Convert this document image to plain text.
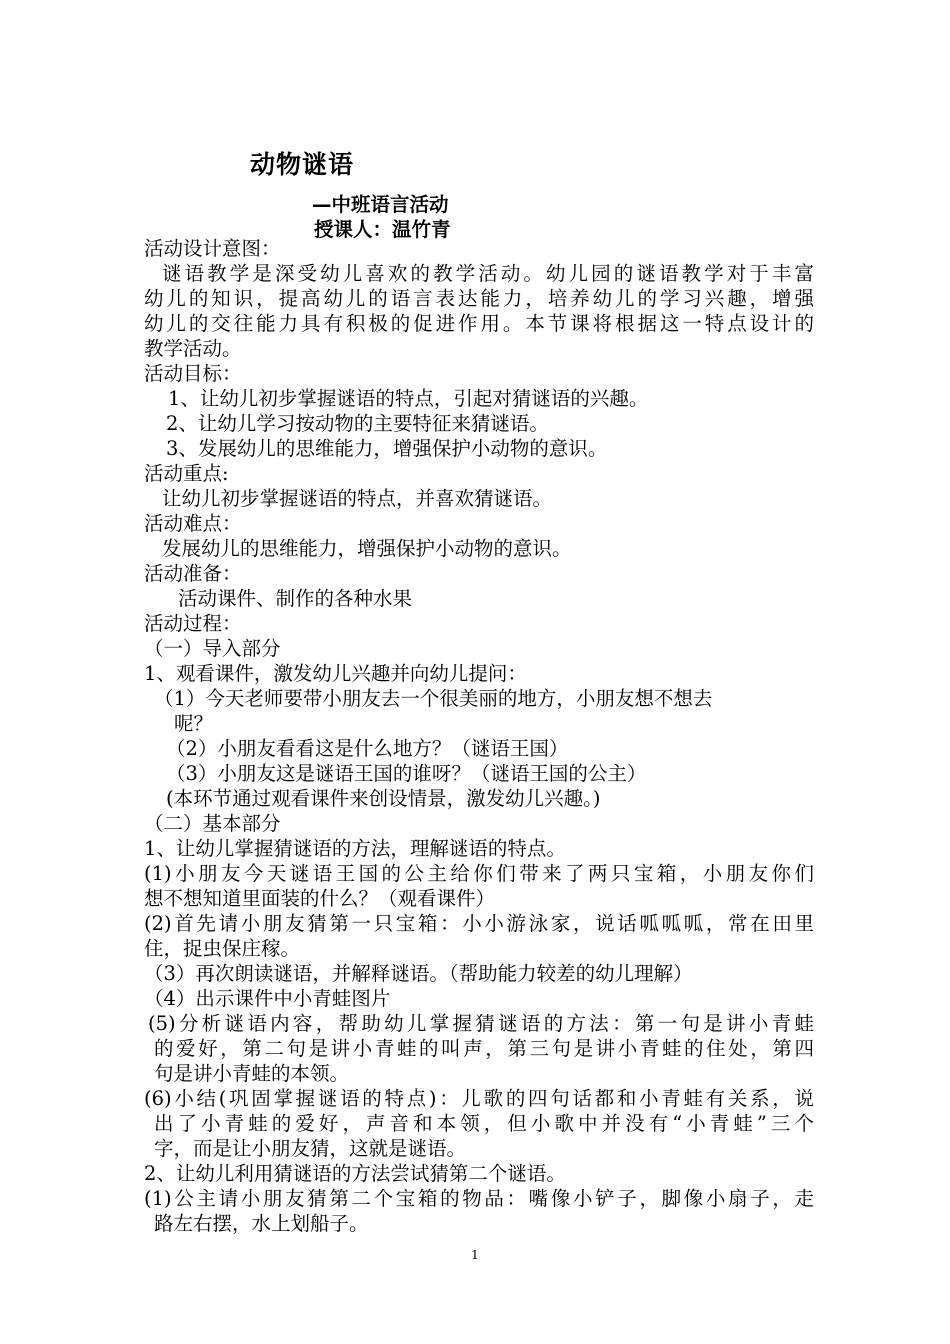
动物谜语
—中班语言活动
授课人：温竹青
活动设计意图：
谜语教学是深受幼儿喜欢的教学活动。幼儿园的谜语教学对于丰富
幼儿的知识，提高幼儿的语言表达能力，培养幼儿的学习兴趣，增强
幼儿的交往能力具有积极的促进作用。本节课将根据这一特点设计的
教学活动。
活动目标：
1、让幼儿初步掌握谜语的特点，引起对猜谜语的兴趣。
2、让幼儿学习按动物的主要特征来猜谜语。
3、发展幼儿的思维能力，增强保护小动物的意识。
活动重点:
让幼儿初步掌握谜语的特点，并喜欢猜谜语。
活动难点：
发展幼儿的思维能力，增强保护小动物的意识。
活动准备：
活动课件、制作的各种水果
活动过程：
（一）导入部分
1、观看课件，激发幼儿兴趣并向幼儿提问：
（1）今天老师要带小朋友去一个很美丽的地方，小朋友想不想去
呢？
（2）小朋友看看这是什么地方？（谜语王国）
（3）小朋友这是谜语王国的谁呀？（谜语王国的公主）
(本环节通过观看课件来创设情景，激发幼儿兴趣。)
（二）基本部分
1、让幼儿掌握猜谜语的方法，理解谜语的特点。
(1)小朋友今天谜语王国的公主给你们带来了两只宝箱，小朋友你们
想不想知道里面装的什么？（观看课件）
(2)首先请小朋友猜第一只宝箱：小小游泳家，说话呱呱呱，常在田里
住，捉虫保庄稼。
（3）再次朗读谜语，并解释谜语。（帮助能力较差的幼儿理解）
（4）出示课件中小青蛙图片
(5)分析谜语内容，帮助幼儿掌握猜谜语的方法：第一句是讲小青蛙
的爱好，第二句是讲小青蛙的叫声，第三句是讲小青蛙的住处，第四
句是讲小青蛙的本领。
(6)小结(巩固掌握谜语的特点)：儿歌的四句话都和小青蛙有关系，说
出了小青蛙的爱好，声音和本领，但小歌中并没有“小青蛙”三个
字，而是让小朋友猜，这就是谜语。
2、让幼儿利用猜谜语的方法尝试猜第二个谜语。
(1)公主请小朋友猜第二个宝箱的物品：嘴像小铲子，脚像小扇子，走
路左右摆，水上划船子。
1
